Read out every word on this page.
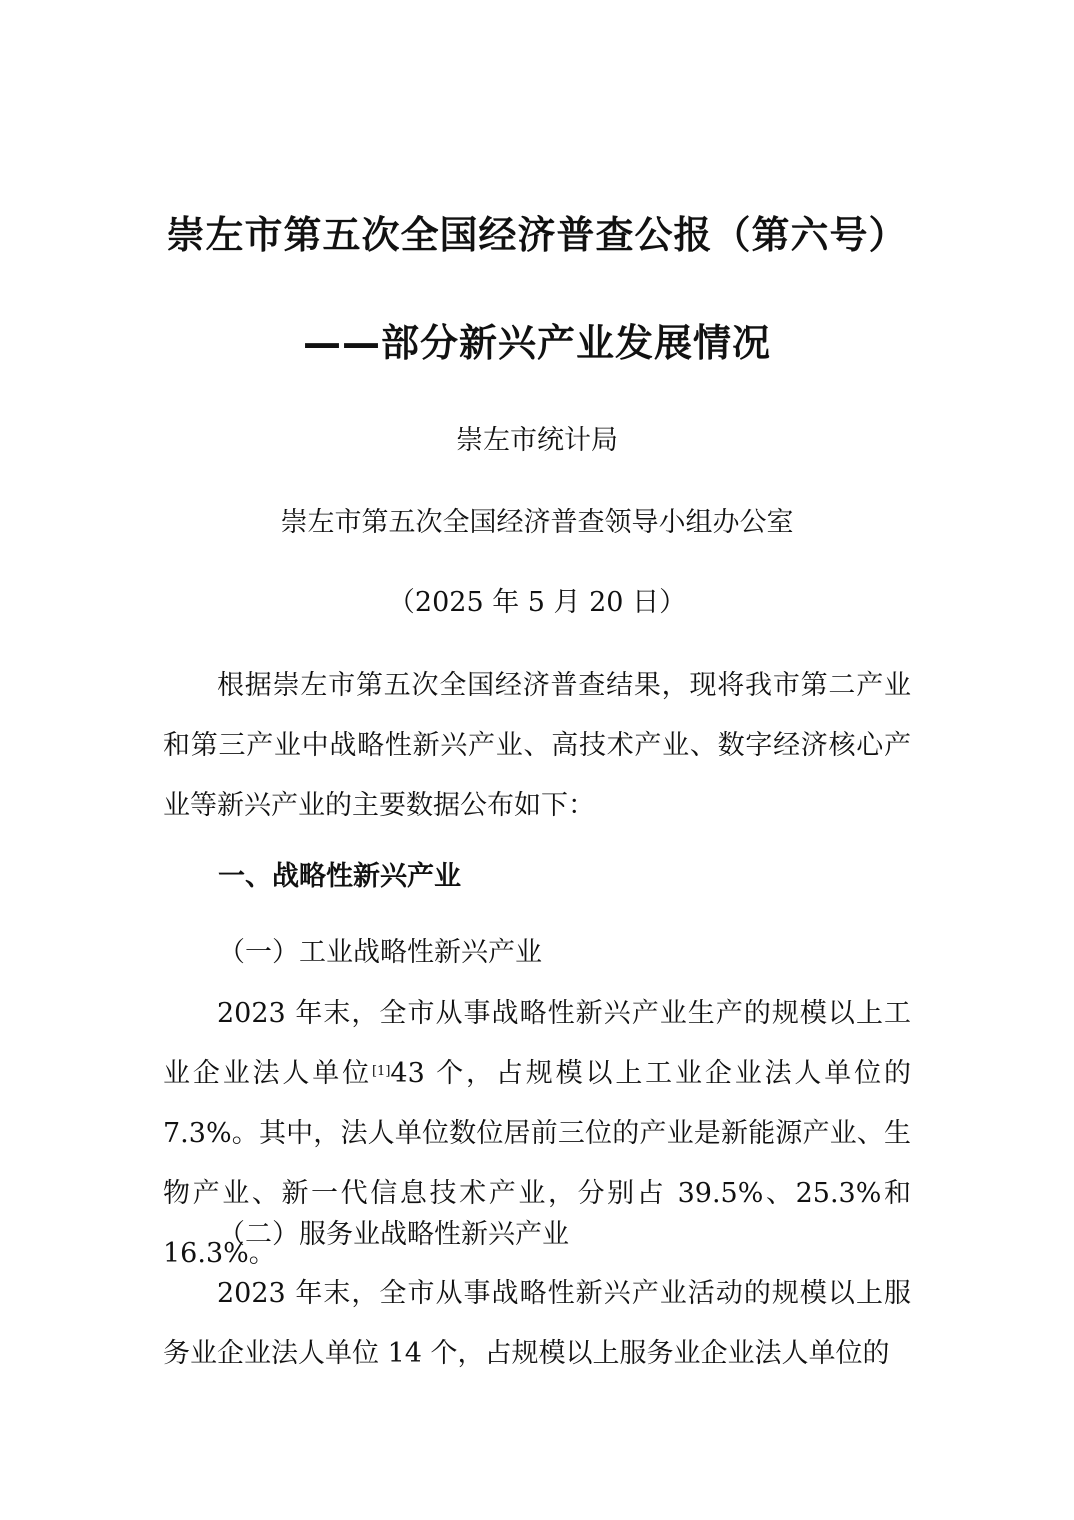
崇左市第五次全国经济普查公报（第六号）
——部分新兴产业发展情况
崇左市统计局
崇左市第五次全国经济普查领导小组办公室
（2025 年 5 月 20 日）

根据崇左市第五次全国经济普查结果，现将我市第二产业和第三产业中战略性新兴产业、高技术产业、数字经济核心产业等新兴产业的主要数据公布如下：

一、战略性新兴产业
（一）工业战略性新兴产业

2023 年末，全市从事战略性新兴产业生产的规模以上工业企业法人单位[1]43 个，占规模以上工业企业法人单位的 7.3%。其中，法人单位数位居前三位的产业是新能源产业、生物产业、新一代信息技术产业，分别占 39.5%、25.3%和 16.3%。

（二）服务业战略性新兴产业

2023 年末，全市从事战略性新兴产业活动的规模以上服务业企业法人单位 14 个，占规模以上服务业企业法人单位的
